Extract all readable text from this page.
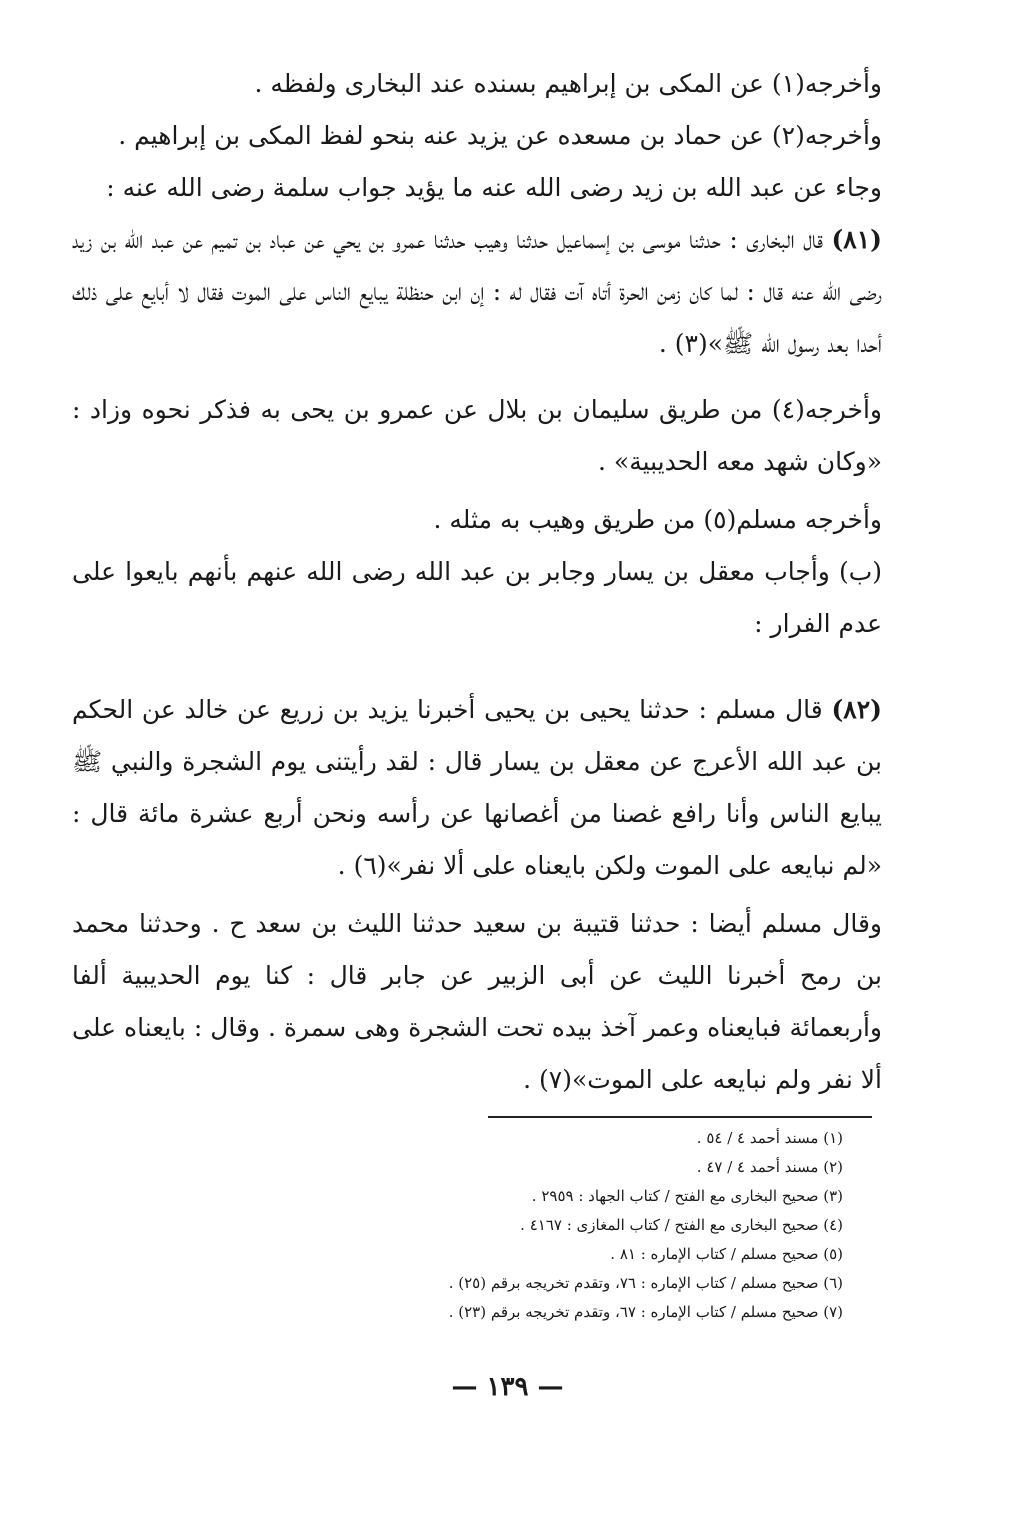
وأخرجه(١) عن المكى بن إبراهيم بسنده عند البخارى ولفظه .

وأخرجه(٢) عن حماد بن مسعده عن يزيد عنه بنحو لفظ المكى بن إبراهيم .

وجاء عن عبد الله بن زيد رضى الله عنه ما يؤيد جواب سلمة رضى الله عنه :

(٨١) قال البخارى : حدثنا موسى بن إسماعيل حدثنا وهيب حدثنا عمرو بن يحي عن عباد بن تميم عن عبد الله بن زيد رضى الله عنه قال : لما كان زمن الحرة أتاه آت فقال له : إن ابن حنظلة يبايع الناس على الموت فقال لا أبايع على ذلك أحدا بعد رسول الله ﷺ»(٣) .

وأخرجه(٤) من طريق سليمان بن بلال عن عمرو بن يحى به فذكر نحوه وزاد : «وكان شهد معه الحديبية» .

وأخرجه مسلم(٥) من طريق وهيب به مثله .

(ب) وأجاب معقل بن يسار وجابر بن عبد الله رضى الله عنهم بأنهم بايعوا على عدم الفرار :

(٨٢) قال مسلم : حدثنا يحيى بن يحيى أخبرنا يزيد بن زريع عن خالد عن الحكم بن عبد الله الأعرج عن معقل بن يسار قال : لقد رأيتنى يوم الشجرة والنبي ﷺ يبايع الناس وأنا رافع غصنا من أغصانها عن رأسه ونحن أربع عشرة مائة قال : «لم نبايعه على الموت ولكن بايعناه على ألا نفر»(٦) .

وقال مسلم أيضا : حدثنا قتيبة بن سعيد حدثنا الليث بن سعد ح . وحدثنا محمد بن رمح أخبرنا الليث عن أبى الزبير عن جابر قال : كنا يوم الحديبية ألفا وأربعمائة فبايعناه وعمر آخذ بيده تحت الشجرة وهى سمرة . وقال : بايعناه على ألا نفر ولم نبايعه على الموت»(٧) .

(١) مسند أحمد ٤ / ٥٤ .
(٢) مسند أحمد ٤ / ٤٧ .
(٣) صحيح البخارى مع الفتح / كتاب الجهاد : ٢٩٥٩ .
(٤) صحيح البخارى مع الفتح / كتاب المغازى : ٤١٦٧ .
(٥) صحيح مسلم / كتاب الإماره : ٨١ .
(٦) صحيح مسلم / كتاب الإماره : ٧٦، وتقدم تخريجه برقم (٢٥) .
(٧) صحيح مسلم / كتاب الإماره : ٦٧، وتقدم تخريجه برقم (٢٣) .
— ١٣٩ —
